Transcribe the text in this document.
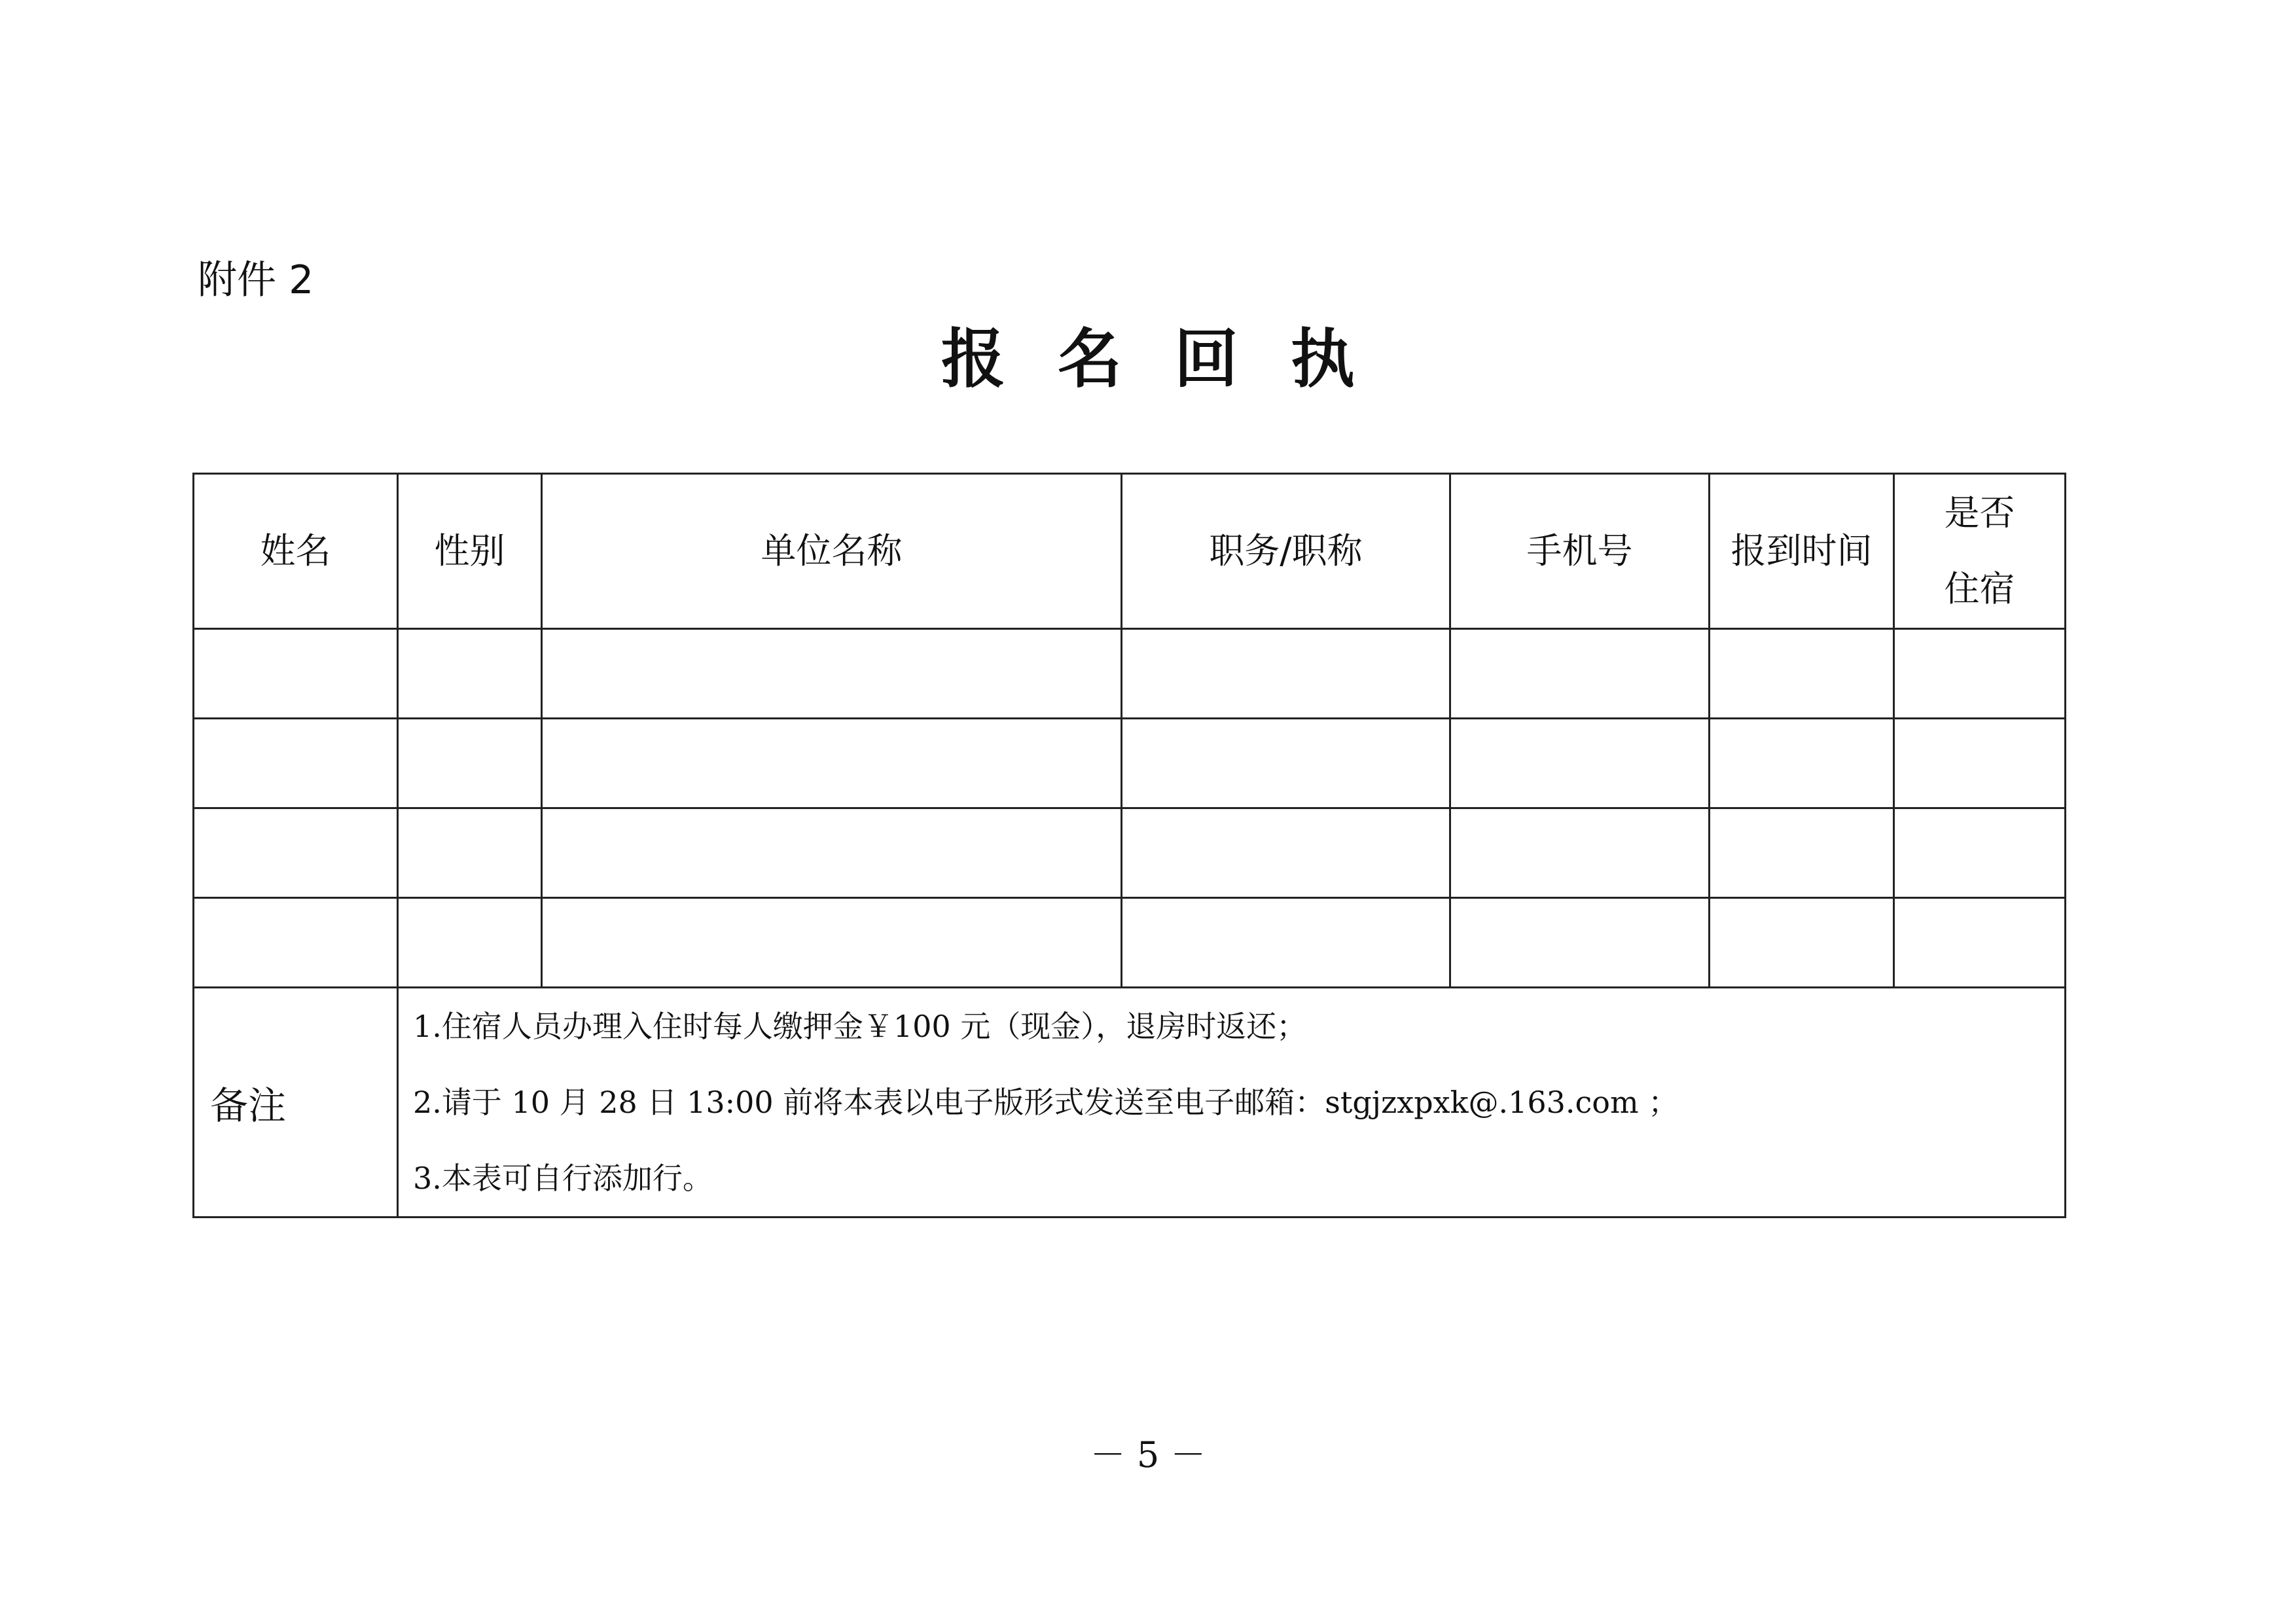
附件 2
报 名 回 执
姓名	性别	单位名称	职务/职称	手机号	报到时间	是否
住宿

备注	1.住宿人员办理入住时每人缴押金￥100 元（现金），退房时返还；
2.请于 10 月 28 日 13:00 前将本表以电子版形式发送至电子邮箱：stgjzxpxk@.163.com ；
3.本表可自行添加行。					
－ 5 －
